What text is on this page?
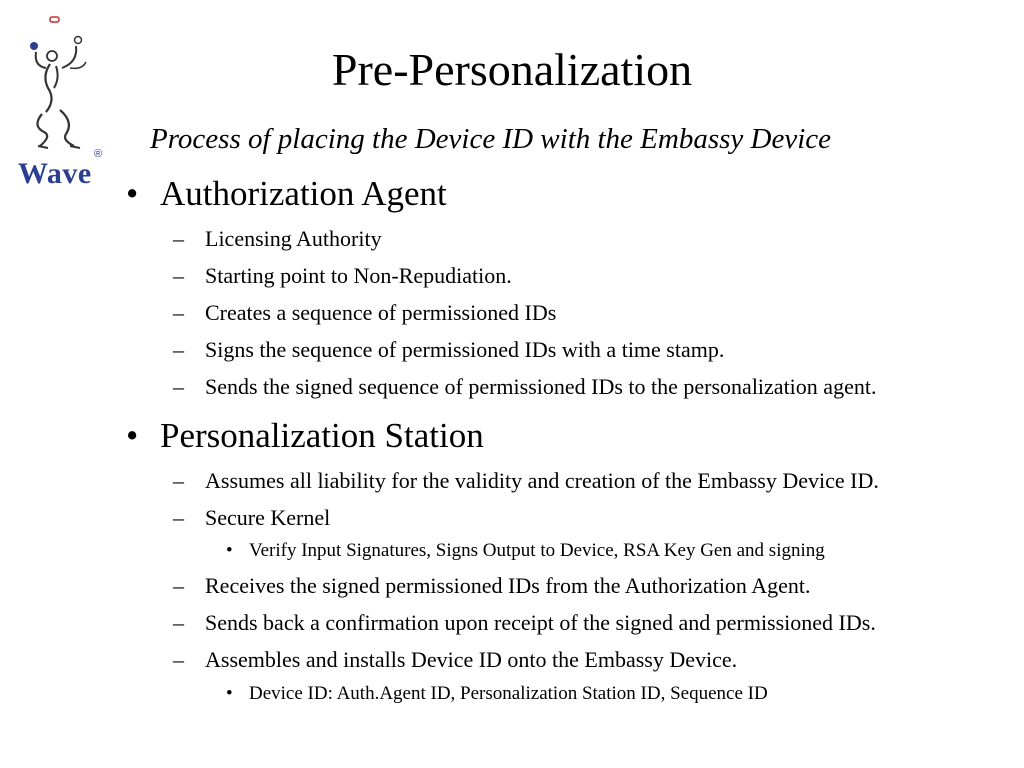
Wave
®
Pre-Personalization
Process of placing the Device ID with the Embassy Device
• Authorization Agent
– Licensing Authority
– Starting point to Non-Repudiation.
– Creates a sequence of permissioned IDs
– Signs the sequence of permissioned IDs with a time stamp.
– Sends the signed sequence of permissioned IDs to the personalization agent.
• Personalization Station
– Assumes all liability for the validity and creation of the Embassy Device ID.
– Secure Kernel
• Verify Input Signatures, Signs Output to Device, RSA Key Gen and signing
– Receives the signed permissioned IDs from the Authorization Agent.
– Sends back a confirmation upon receipt of the signed and permissioned IDs.
– Assembles and installs Device ID onto the Embassy Device.
• Device ID: Auth.Agent ID, Personalization Station ID, Sequence ID
